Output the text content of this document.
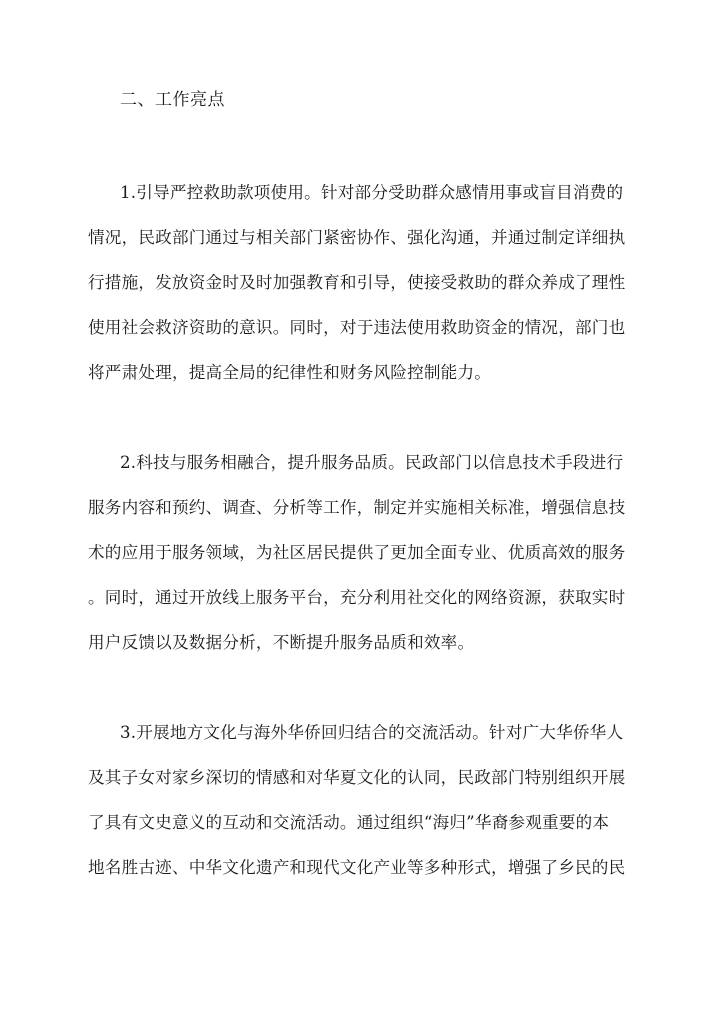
二、工作亮点
1.引导严控救助款项使用。针对部分受助群众感情用事或盲目消费的
情况，民政部门通过与相关部门紧密协作、强化沟通，并通过制定详细执
行措施，发放资金时及时加强教育和引导，使接受救助的群众养成了理性
使用社会救济资助的意识。同时，对于违法使用救助资金的情况，部门也
将严肃处理，提高全局的纪律性和财务风险控制能力。
2.科技与服务相融合，提升服务品质。民政部门以信息技术手段进行
服务内容和预约、调查、分析等工作，制定并实施相关标准，增强信息技
术的应用于服务领域，为社区居民提供了更加全面专业、优质高效的服务
。同时，通过开放线上服务平台，充分利用社交化的网络资源，获取实时
用户反馈以及数据分析，不断提升服务品质和效率。
3.开展地方文化与海外华侨回归结合的交流活动。针对广大华侨华人
及其子女对家乡深切的情感和对华夏文化的认同，民政部门特别组织开展
了具有文史意义的互动和交流活动。通过组织“海归”华裔参观重要的本
地名胜古迹、中华文化遗产和现代文化产业等多种形式，增强了乡民的民
